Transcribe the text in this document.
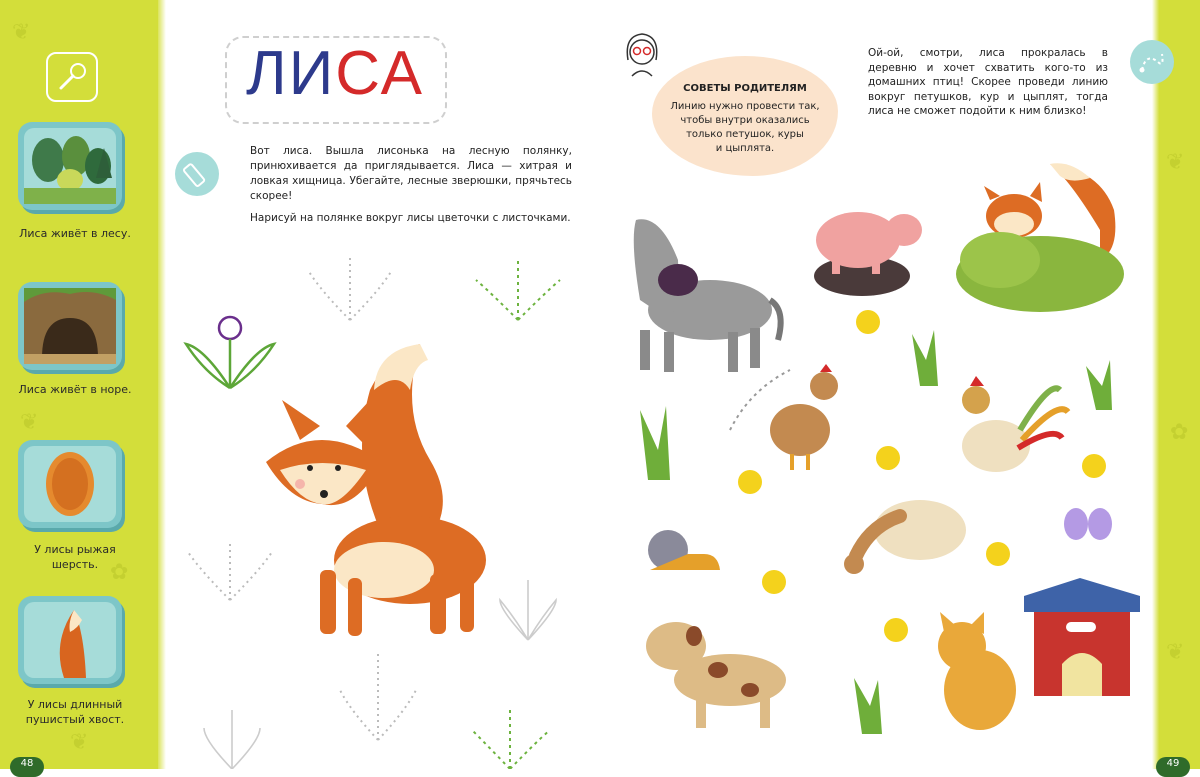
❦
❦
✿
❦
Лиса живёт в лесу.
Лиса живёт в норе.
У лисы рыжая
шерсть.
У лисы длинный
пушистый хвост.
48
ЛИСА

Вот лиса. Вышла лисонька на лесную полянку, принюхивается да приглядывается. Лиса — хитрая и ловкая хищница. Убегайте, лесные зверюшки, прячьтесь скорее!

Нарисуй на полянке вокруг лисы цветочки с листочками.

❦
✿
❦
49
СОВЕТЫ РОДИТЕЛЯМ
Линию нужно провести так,
чтобы внутри оказались
только петушок, куры
и цыплята.
Ой-ой, смотри, лиса прокралась в деревню и хочет схватить кого-то из домашних птиц! Скорее проведи линию вокруг петушков, кур и цыплят, тогда лиса не сможет подойти к ним близко!
